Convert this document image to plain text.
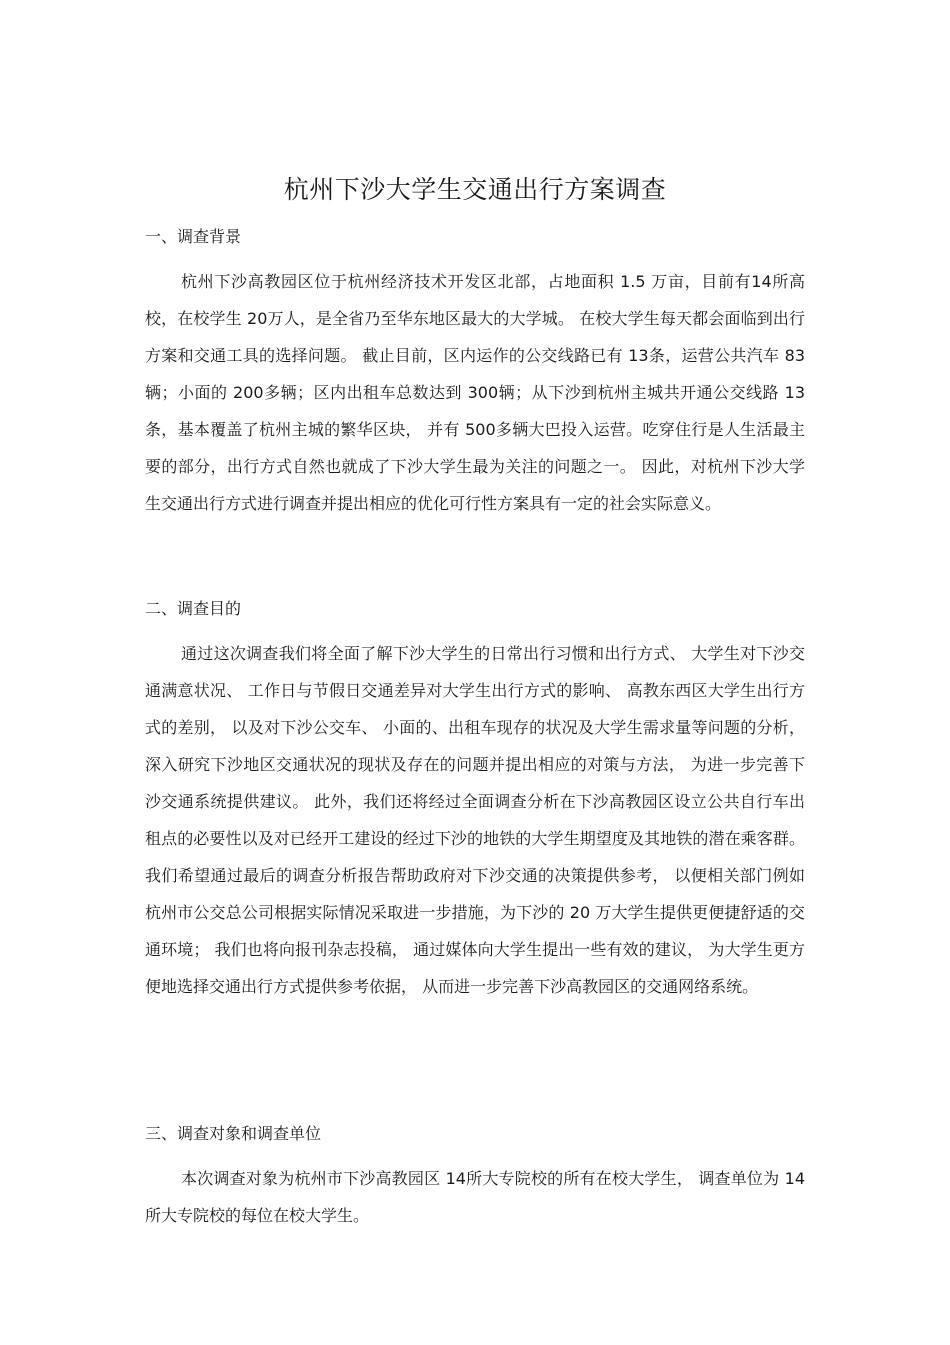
杭州下沙大学生交通出行方案调查
一、调查背景

杭州下沙高教园区位于杭州经济技术开发区北部，占地面积 1.5 万亩，目前有14所高校，在校学生 20万人，是全省乃至华东地区最大的大学城。 在校大学生每天都会面临到出行方案和交通工具的选择问题。 截止目前，区内运作的公交线路已有 13条，运营公共汽车 83辆；小面的 200多辆；区内出租车总数达到 300辆；从下沙到杭州主城共开通公交线路 13条，基本覆盖了杭州主城的繁华区块， 并有 500多辆大巴投入运营。吃穿住行是人生活最主要的部分，出行方式自然也就成了下沙大学生最为关注的问题之一。 因此，对杭州下沙大学生交通出行方式进行调查并提出相应的优化可行性方案具有一定的社会实际意义。

二、调查目的

通过这次调查我们将全面了解下沙大学生的日常出行习惯和出行方式、 大学生对下沙交通满意状况、 工作日与节假日交通差异对大学生出行方式的影响、 高教东西区大学生出行方式的差别， 以及对下沙公交车、 小面的、出租车现存的状况及大学生需求量等问题的分析， 深入研究下沙地区交通状况的现状及存在的问题并提出相应的对策与方法， 为进一步完善下沙交通系统提供建议。 此外，我们还将经过全面调查分析在下沙高教园区设立公共自行车出租点的必要性以及对已经开工建设的经过下沙的地铁的大学生期望度及其地铁的潜在乘客群。 我们希望通过最后的调查分析报告帮助政府对下沙交通的决策提供参考， 以便相关部门例如杭州市公交总公司根据实际情况采取进一步措施，为下沙的 20 万大学生提供更便捷舒适的交通环境； 我们也将向报刊杂志投稿， 通过媒体向大学生提出一些有效的建议， 为大学生更方便地选择交通出行方式提供参考依据， 从而进一步完善下沙高教园区的交通网络系统。

三、调查对象和调查单位

本次调查对象为杭州市下沙高教园区 14所大专院校的所有在校大学生， 调查单位为 14所大专院校的每位在校大学生。
